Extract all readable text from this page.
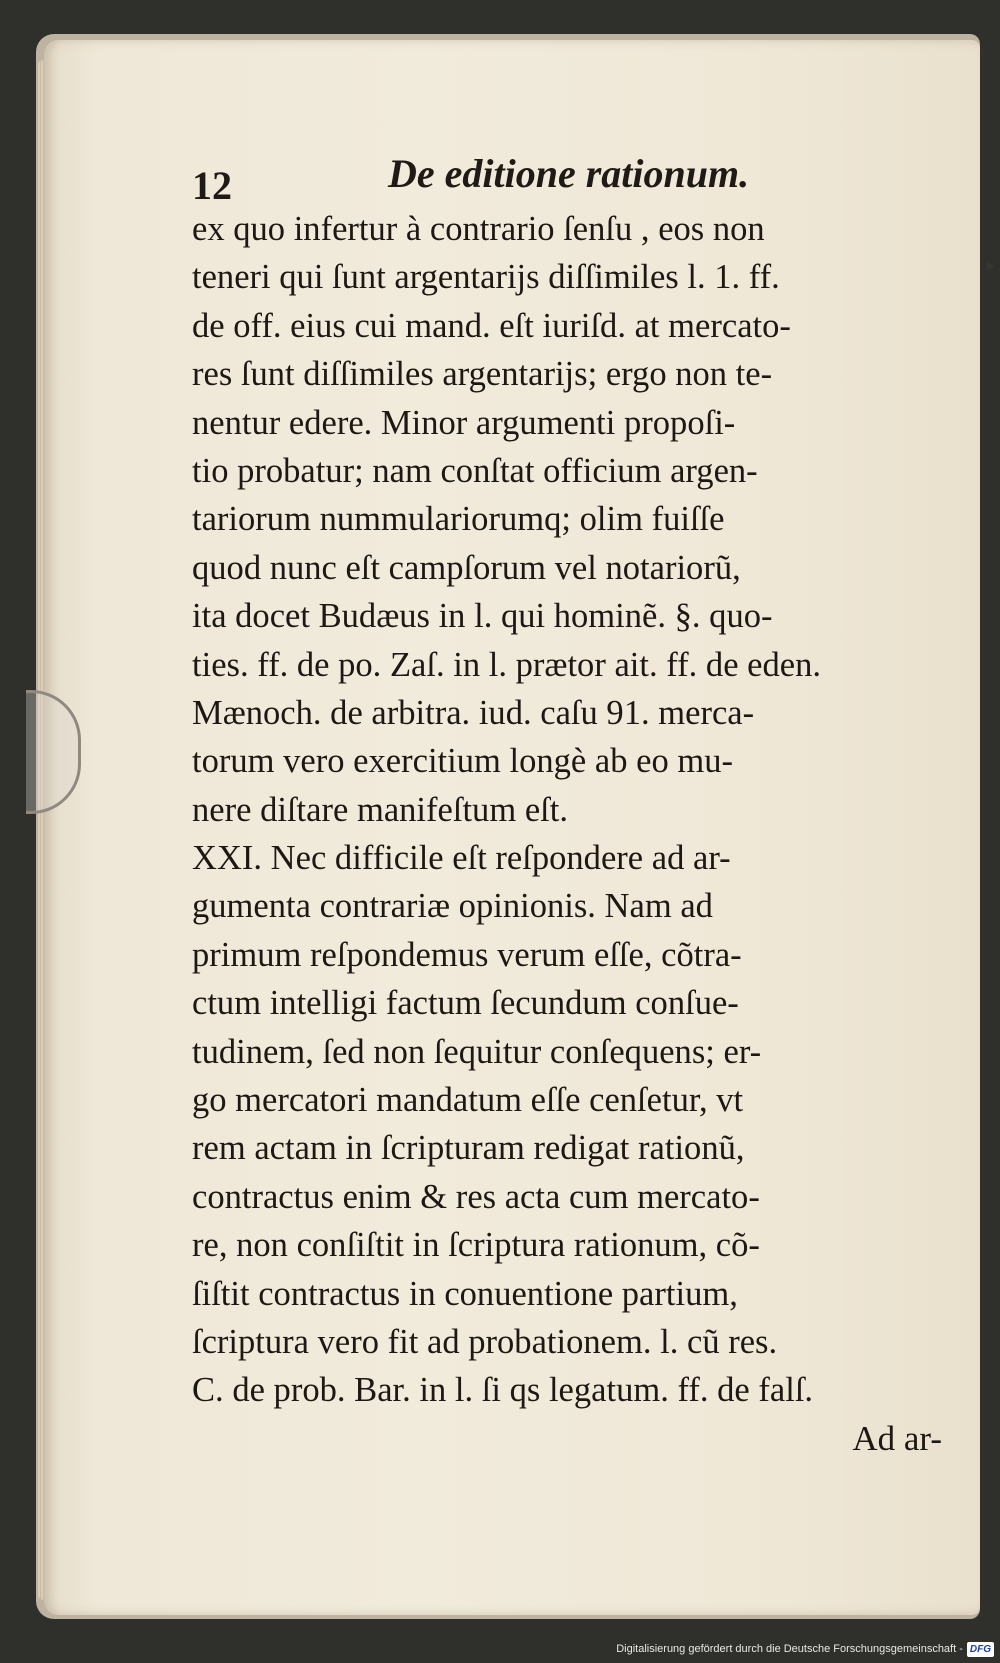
12	De editione rationum.
▸
ex quo infertur à contrario ſenſu , eos non
teneri qui ſunt argentarijs diſſimiles l. 1. ff.
de off. eius cui mand. eſt iuriſd. at mercato-
res ſunt diſſimiles argentarijs; ergo non te-
nentur edere. Minor argumenti propoſi-
tio probatur; nam conſtat officium argen-
tariorum nummulariorumq; olim fuiſſe
quod nunc eſt campſorum vel notariorũ,
ita docet Budæus in l. qui hominẽ. §. quo-
ties. ff. de po. Zaſ. in l. prætor ait. ff. de eden.
Mænoch. de arbitra. iud. caſu 91. merca-
torum vero exercitium longè ab eo mu-
nere diſtare manifeſtum eſt.
XXI. Nec difficile eſt reſpondere ad ar-
gumenta contrariæ opinionis. Nam ad
primum reſpondemus verum eſſe, cõtra-
ctum intelligi factum ſecundum conſue-
tudinem, ſed non ſequitur conſequens; er-
go mercatori mandatum eſſe cenſetur, vt
rem actam in ſcripturam redigat rationũ,
contractus enim & res acta cum mercato-
re, non conſiſtit in ſcriptura rationum, cõ-
ſiſtit contractus in conuentione partium,
ſcriptura vero fit ad probationem. l. cũ res.
C. de prob. Bar. in l. ſi qs legatum. ff. de falſ.
Ad ar-
Digitalisierung gefördert durch die Deutsche Forschungsgemeinschaft - DFG
